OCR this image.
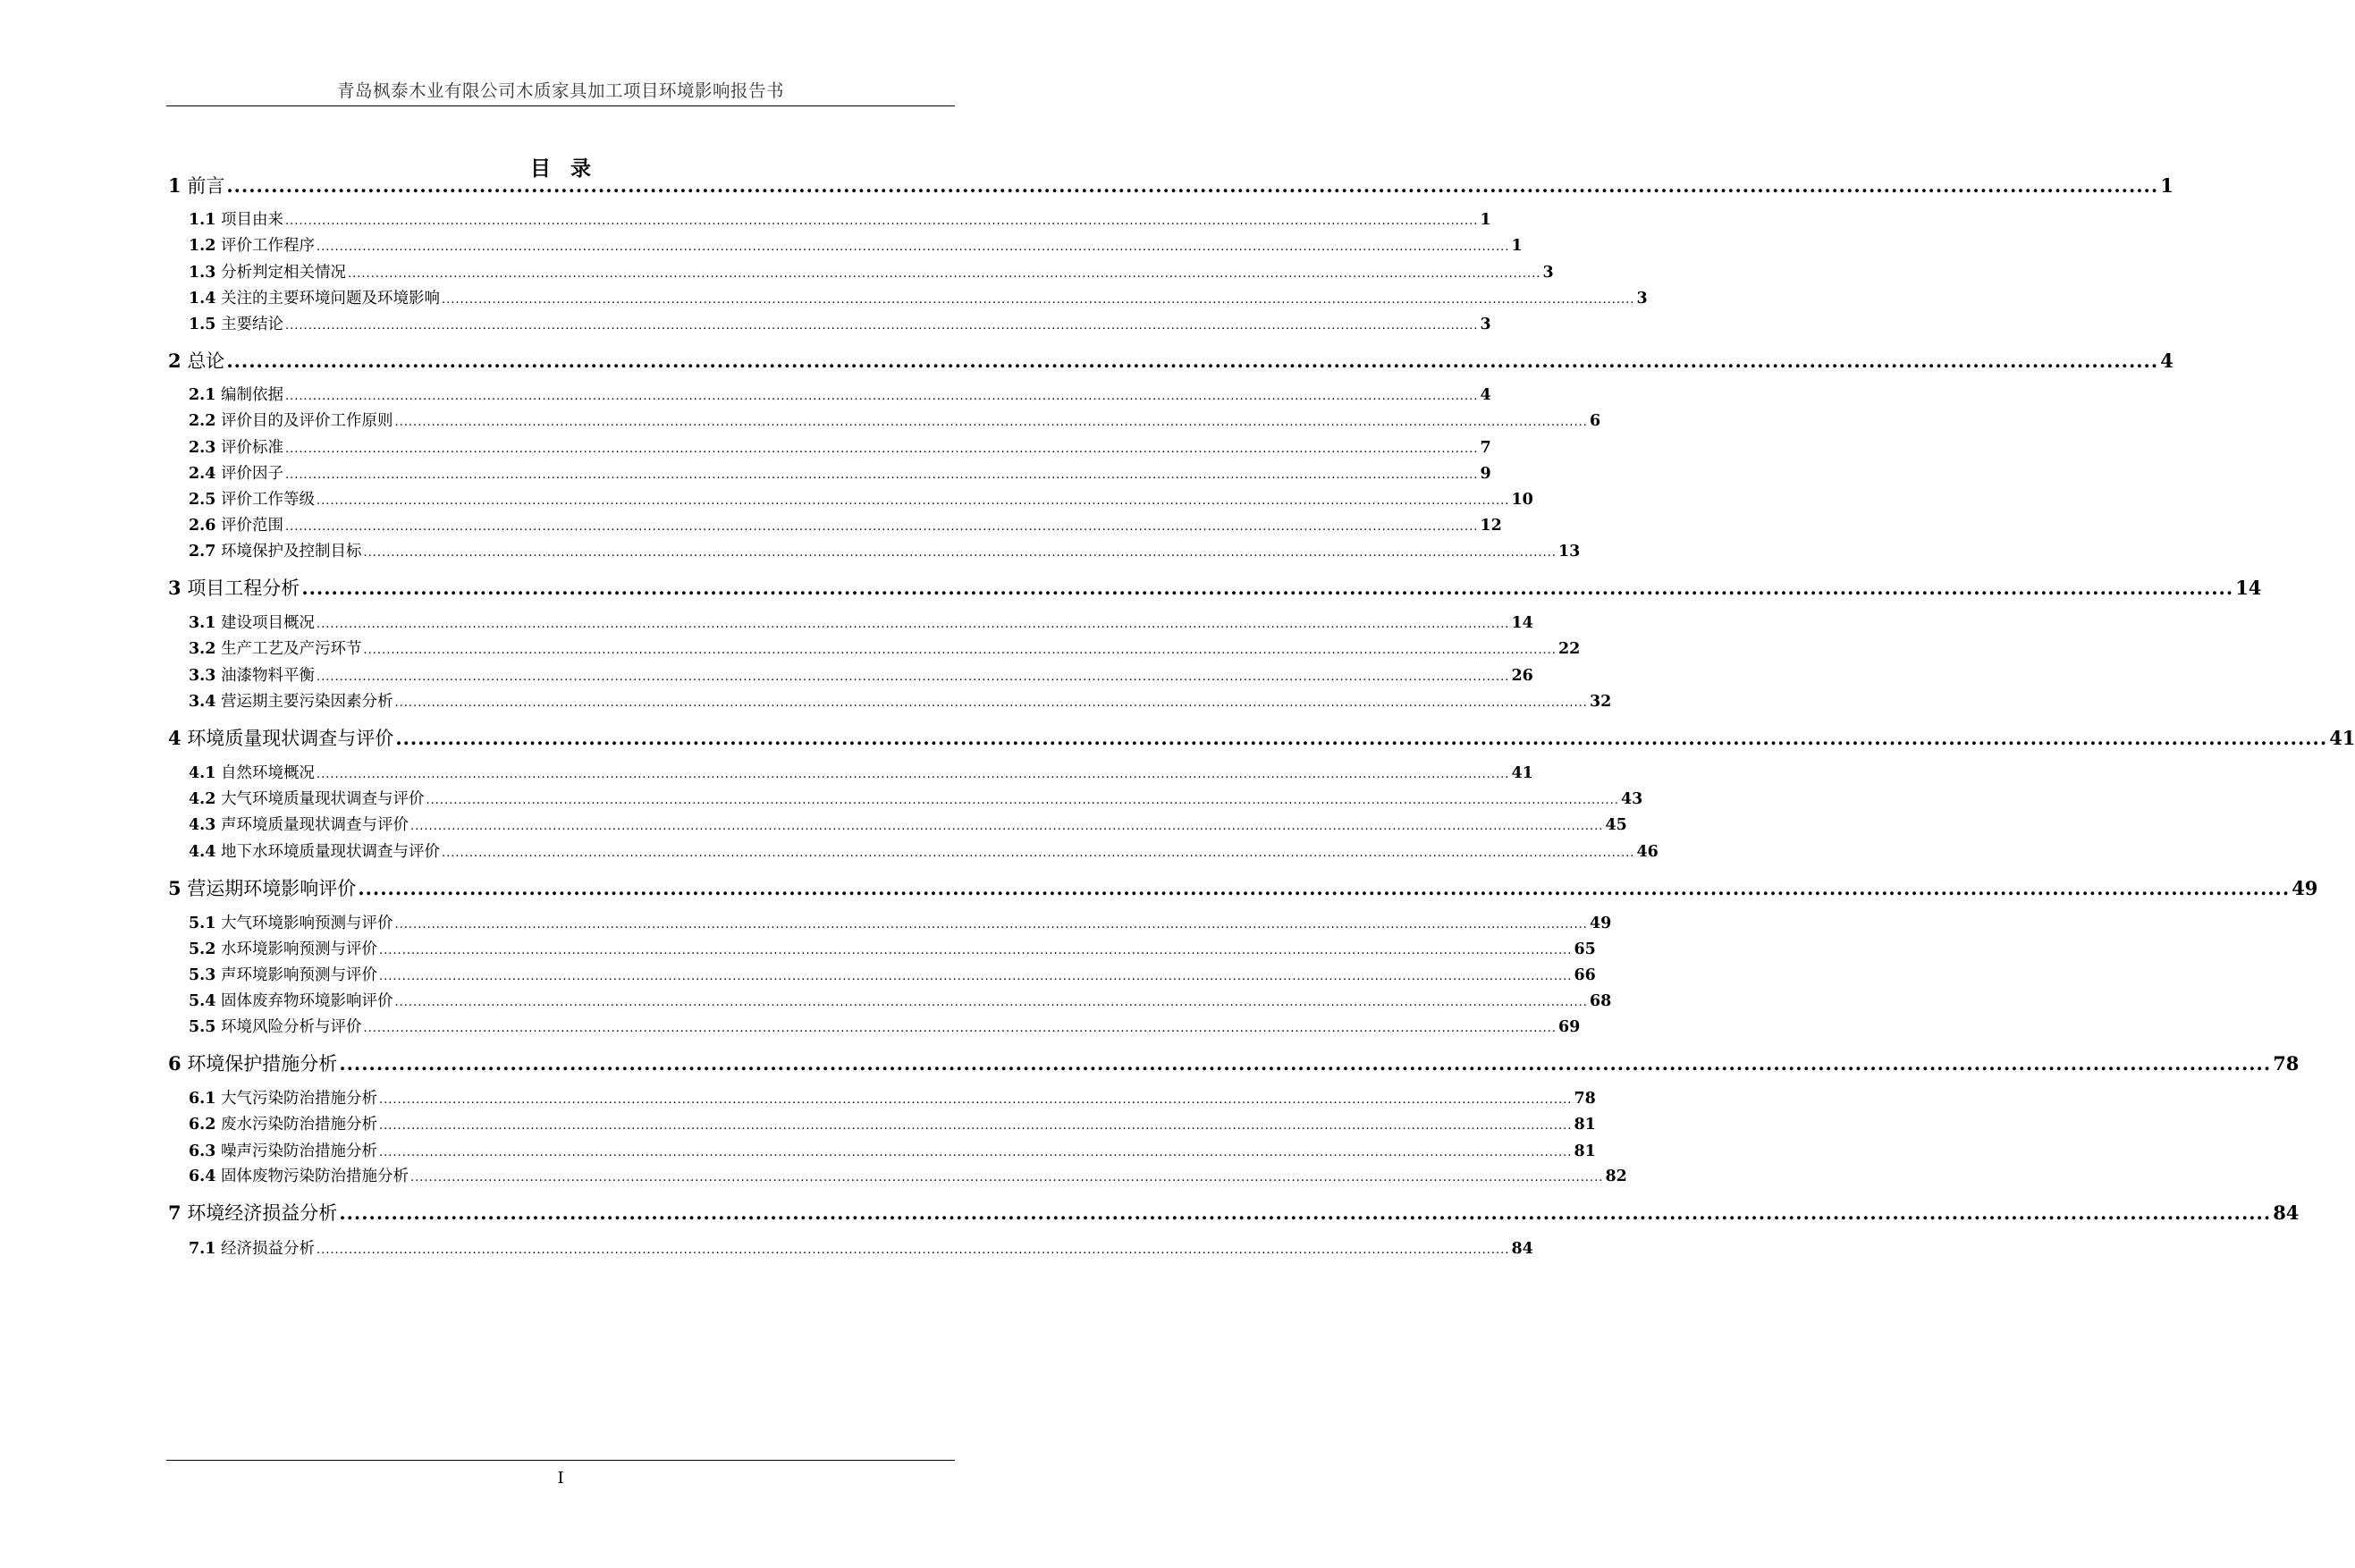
青岛枫泰木业有限公司木质家具加工项目环境影响报告书
目 录
1 前言 .................................................................................................................................................................................................................................................................... 1
1.1 项目由来 .................................................................................................................................................................................................................................................................... 1
1.2 评价工作程序 .................................................................................................................................................................................................................................................................... 1
1.3 分析判定相关情况 .................................................................................................................................................................................................................................................................... 3
1.4 关注的主要环境问题及环境影响 .................................................................................................................................................................................................................................................................... 3
1.5 主要结论 .................................................................................................................................................................................................................................................................... 3
2 总论 .................................................................................................................................................................................................................................................................... 4
2.1 编制依据 .................................................................................................................................................................................................................................................................... 4
2.2 评价目的及评价工作原则 .................................................................................................................................................................................................................................................................... 6
2.3 评价标准 .................................................................................................................................................................................................................................................................... 7
2.4 评价因子 .................................................................................................................................................................................................................................................................... 9
2.5 评价工作等级 .................................................................................................................................................................................................................................................................... 10
2.6 评价范围 .................................................................................................................................................................................................................................................................... 12
2.7 环境保护及控制目标 .................................................................................................................................................................................................................................................................... 13
3 项目工程分析 .................................................................................................................................................................................................................................................................... 14
3.1 建设项目概况 .................................................................................................................................................................................................................................................................... 14
3.2 生产工艺及产污环节 .................................................................................................................................................................................................................................................................... 22
3.3 油漆物料平衡 .................................................................................................................................................................................................................................................................... 26
3.4 营运期主要污染因素分析 .................................................................................................................................................................................................................................................................... 32
4 环境质量现状调查与评价 .................................................................................................................................................................................................................................................................... 41
4.1 自然环境概况 .................................................................................................................................................................................................................................................................... 41
4.2 大气环境质量现状调查与评价 .................................................................................................................................................................................................................................................................... 43
4.3 声环境质量现状调查与评价 .................................................................................................................................................................................................................................................................... 45
4.4 地下水环境质量现状调查与评价 .................................................................................................................................................................................................................................................................... 46
5 营运期环境影响评价 .................................................................................................................................................................................................................................................................... 49
5.1 大气环境影响预测与评价 .................................................................................................................................................................................................................................................................... 49
5.2 水环境影响预测与评价 .................................................................................................................................................................................................................................................................... 65
5.3 声环境影响预测与评价 .................................................................................................................................................................................................................................................................... 66
5.4 固体废弃物环境影响评价 .................................................................................................................................................................................................................................................................... 68
5.5 环境风险分析与评价 .................................................................................................................................................................................................................................................................... 69
6 环境保护措施分析 .................................................................................................................................................................................................................................................................... 78
6.1 大气污染防治措施分析 .................................................................................................................................................................................................................................................................... 78
6.2 废水污染防治措施分析 .................................................................................................................................................................................................................................................................... 81
6.3 噪声污染防治措施分析 .................................................................................................................................................................................................................................................................... 81
6.4 固体废物污染防治措施分析 .................................................................................................................................................................................................................................................................... 82
7 环境经济损益分析 .................................................................................................................................................................................................................................................................... 84
7.1 经济损益分析 .................................................................................................................................................................................................................................................................... 84
I
